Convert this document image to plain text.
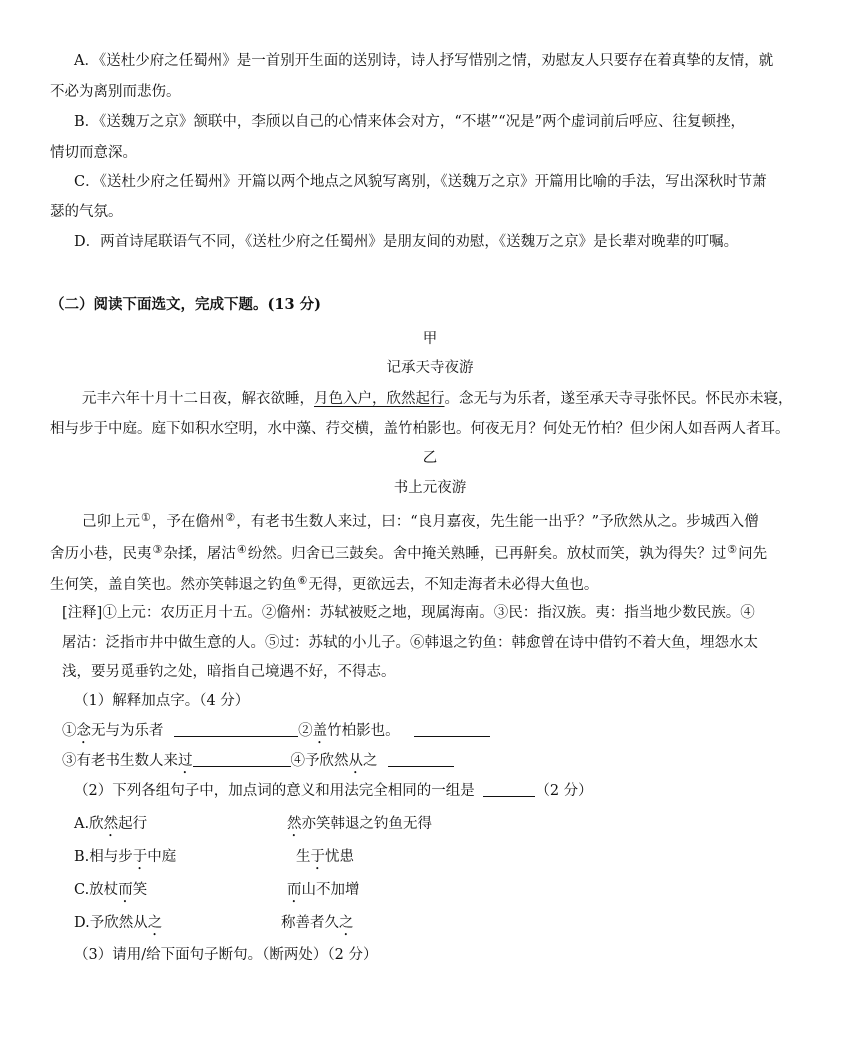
A．《送杜少府之任蜀州》是一首别开生面的送别诗，诗人抒写惜别之情，劝慰友人只要存在着真挚的友情，就
不必为离别而悲伤。
B．《送魏万之京》颔联中，李颀以自己的心情来体会对方，“不堪”“况是”两个虚词前后呼应、往复顿挫，
情切而意深。
C．《送杜少府之任蜀州》开篇以两个地点之风貌写离别，《送魏万之京》开篇用比喻的手法，写出深秋时节萧
瑟的气氛。
D．两首诗尾联语气不同，《送杜少府之任蜀州》是朋友间的劝慰，《送魏万之京》是长辈对晚辈的叮嘱。
（二）阅读下面选文，完成下题。(13 分)
甲
记承天寺夜游
元丰六年十月十二日夜，解衣欲睡，月色入户，欣然起行。念无与为乐者，遂至承天寺寻张怀民。怀民亦未寝，
相与步于中庭。庭下如积水空明，水中藻、荇交横，盖竹柏影也。何夜无月？何处无竹柏？但少闲人如吾两人者耳。
乙
书上元夜游
己卯上元①，予在儋州②，有老书生数人来过，曰：“良月嘉夜，先生能一出乎？”予欣然从之。步城西入僧
舍历小巷，民夷③杂揉，屠沽④纷然。归舍已三鼓矣。舍中掩关熟睡，已再鼾矣。放杖而笑，孰为得失？过⑤问先
生何笑，盖自笑也。然亦笑韩退之钓鱼⑥无得，更欲远去，不知走海者未必得大鱼也。
[注释]①上元：农历正月十五。②儋州：苏轼被贬之地，现属海南。③民：指汉族。夷：指当地少数民族。④
屠沽：泛指市井中做生意的人。⑤过：苏轼的小儿子。⑥韩退之钓鱼：韩愈曾在诗中借钓不着大鱼，埋怨水太
浅，要另觅垂钓之处，暗指自己境遇不好，不得志。
（1）解释加点字。（4 分）
①念无与为乐者	②盖竹柏影也。
③有老书生数人来过	④予欣然从之
（2）下列各组句子中，加点词的意义和用法完全相同的一组是	（2 分）
A.欣然起行	然亦笑韩退之钓鱼无得
B.相与步于中庭	生于忧患
C.放杖而笑	而山不加增
D.予欣然从之	称善者久之
（3）请用/给下面句子断句。（断两处）（2 分）
